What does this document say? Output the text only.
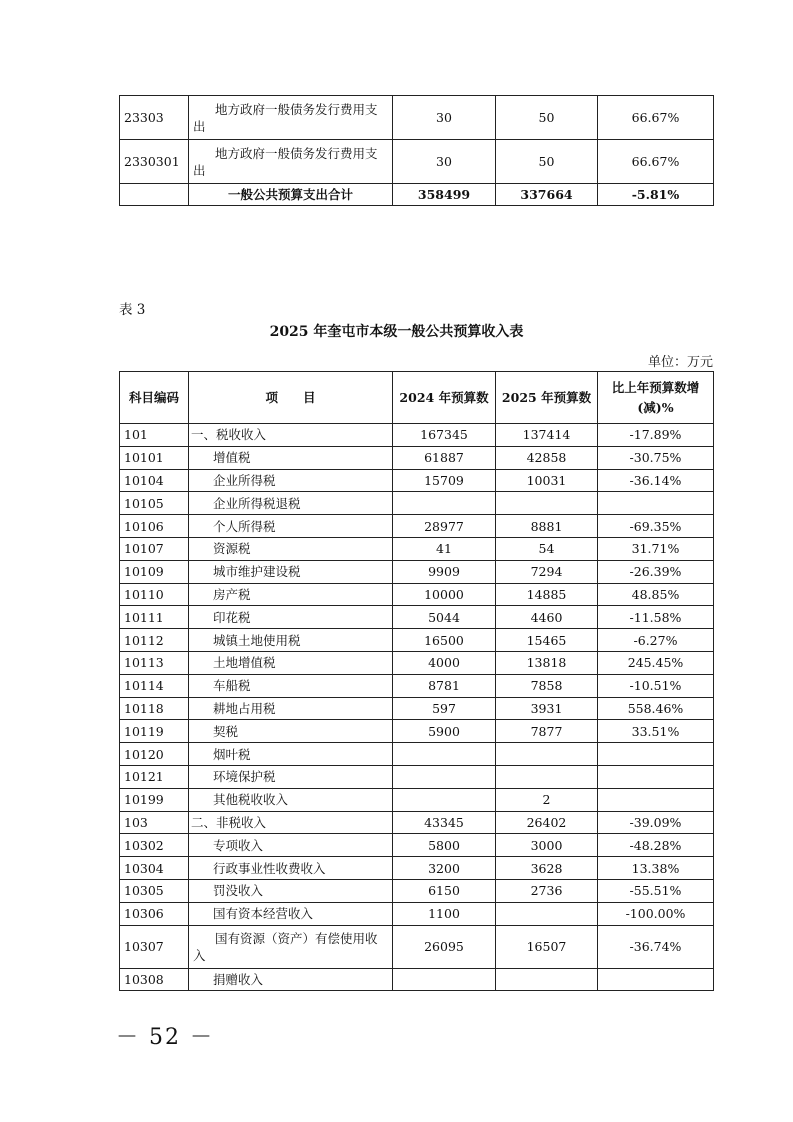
23303	地方政府一般债务发行费用支出	30	50	66.67%
2330301	地方政府一般债务发行费用支出	30	50	66.67%
	一般公共预算支出合计	358499	337664	-5.81%
表 3
2025 年奎屯市本级一般公共预算收入表
单位：万元
科目编码	项　　目	2024 年预算数	2025 年预算数	比上年预算数增(减)%
101	一、税收收入	167345	137414	-17.89%
10101	增值税	61887	42858	-30.75%
10104	企业所得税	15709	10031	-36.14%
10105	企业所得税退税			
10106	个人所得税	28977	8881	-69.35%
10107	资源税	41	54	31.71%
10109	城市维护建设税	9909	7294	-26.39%
10110	房产税	10000	14885	48.85%
10111	印花税	5044	4460	-11.58%
10112	城镇土地使用税	16500	15465	-6.27%
10113	土地增值税	4000	13818	245.45%
10114	车船税	8781	7858	-10.51%
10118	耕地占用税	597	3931	558.46%
10119	契税	5900	7877	33.51%
10120	烟叶税			
10121	环境保护税			
10199	其他税收收入		2	
103	二、非税收入	43345	26402	-39.09%
10302	专项收入	5800	3000	-48.28%
10304	行政事业性收费收入	3200	3628	13.38%
10305	罚没收入	6150	2736	-55.51%
10306	国有资本经营收入	1100		-100.00%
10307	国有资源（资产）有偿使用收入	26095	16507	-36.74%
10308	捐赠收入			
－ 52 －
